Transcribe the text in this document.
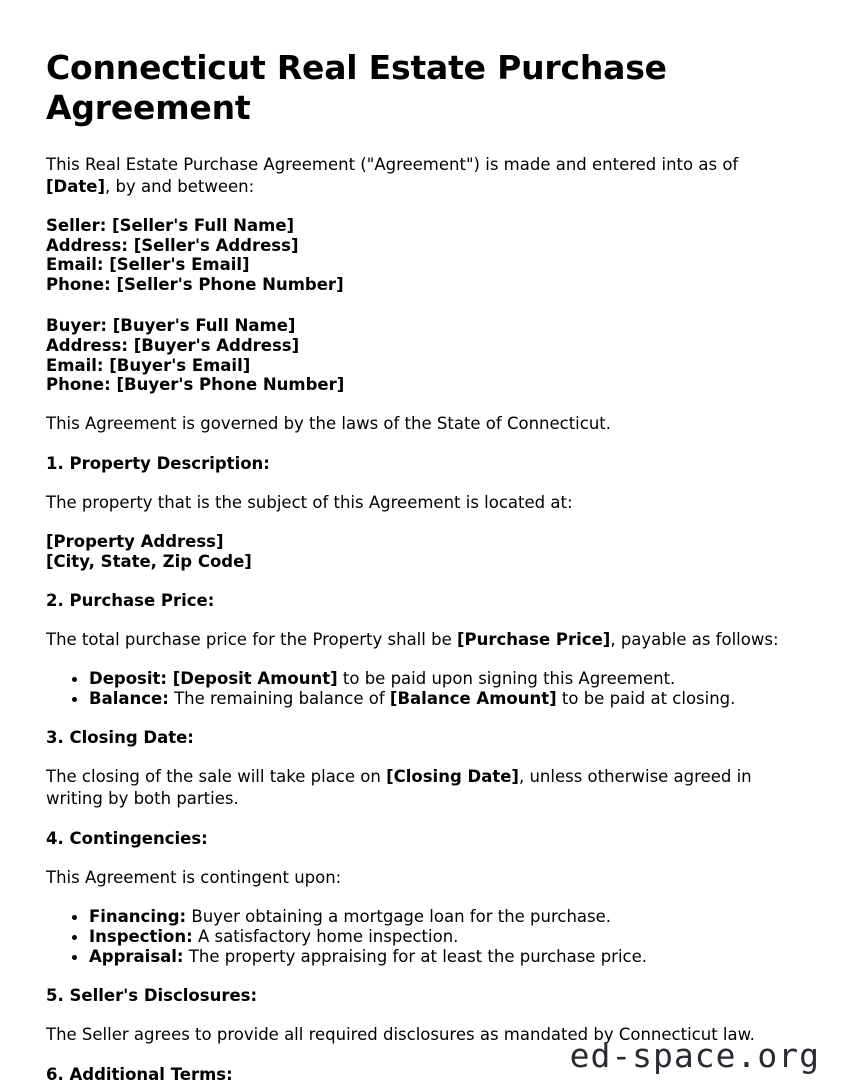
Connecticut Real Estate Purchase Agreement

This Real Estate Purchase Agreement ("Agreement") is made and entered into as of [Date], by and between:

Seller: [Seller's Full Name]
Address: [Seller's Address]
Email: [Seller's Email]
Phone: [Seller's Phone Number]
Buyer: [Buyer's Full Name]
Address: [Buyer's Address]
Email: [Buyer's Email]
Phone: [Buyer's Phone Number]

This Agreement is governed by the laws of the State of Connecticut.

1. Property Description:

The property that is the subject of this Agreement is located at:

[Property Address]
[City, State, Zip Code]
2. Purchase Price:

The total purchase price for the Property shall be [Purchase Price], payable as follows:

Deposit: [Deposit Amount] to be paid upon signing this Agreement.
Balance: The remaining balance of [Balance Amount] to be paid at closing.
3. Closing Date:

The closing of the sale will take place on [Closing Date], unless otherwise agreed in writing by both parties.

4. Contingencies:

This Agreement is contingent upon:

Financing: Buyer obtaining a mortgage loan for the purchase.
Inspection: A satisfactory home inspection.
Appraisal: The property appraising for at least the purchase price.
5. Seller's Disclosures:

The Seller agrees to provide all required disclosures as mandated by Connecticut law.

6. Additional Terms:	ed-space.org
